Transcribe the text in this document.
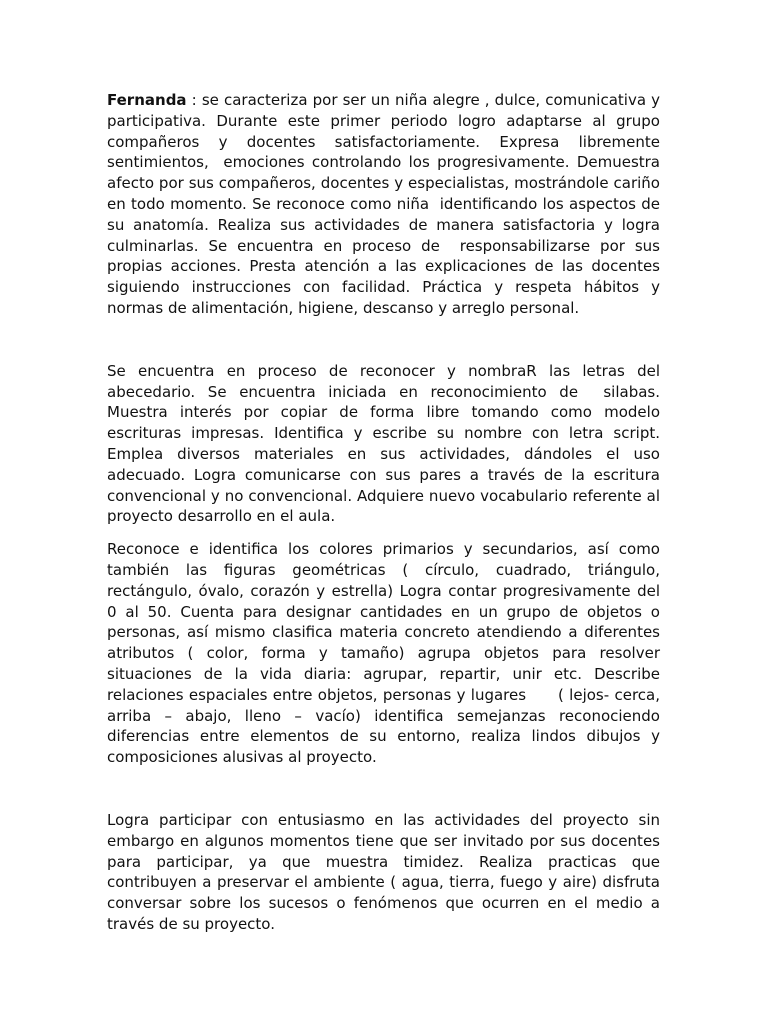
Fernanda : se caracteriza por ser un niña alegre , dulce, comunicativa y participativa. Durante este primer periodo logro adaptarse al grupo compañeros y docentes satisfactoriamente. Expresa libremente sentimientos,  emociones controlando los progresivamente. Demuestra afecto por sus compañeros, docentes y especialistas, mostrándole cariño en todo momento. Se reconoce como niña  identificando los aspectos de su anatomía. Realiza sus actividades de manera satisfactoria y logra culminarlas. Se encuentra en proceso de  responsabilizarse por sus propias acciones. Presta atención a las explicaciones de las docentes siguiendo instrucciones con facilidad. Práctica y respeta hábitos y normas de alimentación, higiene, descanso y arreglo personal.

Se encuentra en proceso de reconocer y nombraR las letras del abecedario. Se encuentra iniciada en reconocimiento de  silabas. Muestra interés por copiar de forma libre tomando como modelo escrituras impresas. Identifica y escribe su nombre con letra script. Emplea diversos materiales en sus actividades, dándoles el uso adecuado. Logra comunicarse con sus pares a través de la escritura convencional y no convencional. Adquiere nuevo vocabulario referente al proyecto desarrollo en el aula.

Reconoce e identifica los colores primarios y secundarios, así como también las figuras geométricas ( círculo, cuadrado, triángulo, rectángulo, óvalo, corazón y estrella) Logra contar progresivamente del 0 al 50. Cuenta para designar cantidades en un grupo de objetos o personas, así mismo clasifica materia concreto atendiendo a diferentes atributos ( color, forma y tamaño) agrupa objetos para resolver situaciones de la vida diaria: agrupar, repartir, unir etc. Describe relaciones espaciales entre objetos, personas y lugares      ( lejos- cerca, arriba – abajo, lleno – vacío) identifica semejanzas reconociendo diferencias entre elementos de su entorno, realiza lindos dibujos y composiciones alusivas al proyecto.

Logra participar con entusiasmo en las actividades del proyecto sin embargo en algunos momentos tiene que ser invitado por sus docentes para participar, ya que muestra timidez. Realiza practicas que contribuyen a preservar el ambiente ( agua, tierra, fuego y aire) disfruta conversar sobre los sucesos o fenómenos que ocurren en el medio a través de su proyecto.
